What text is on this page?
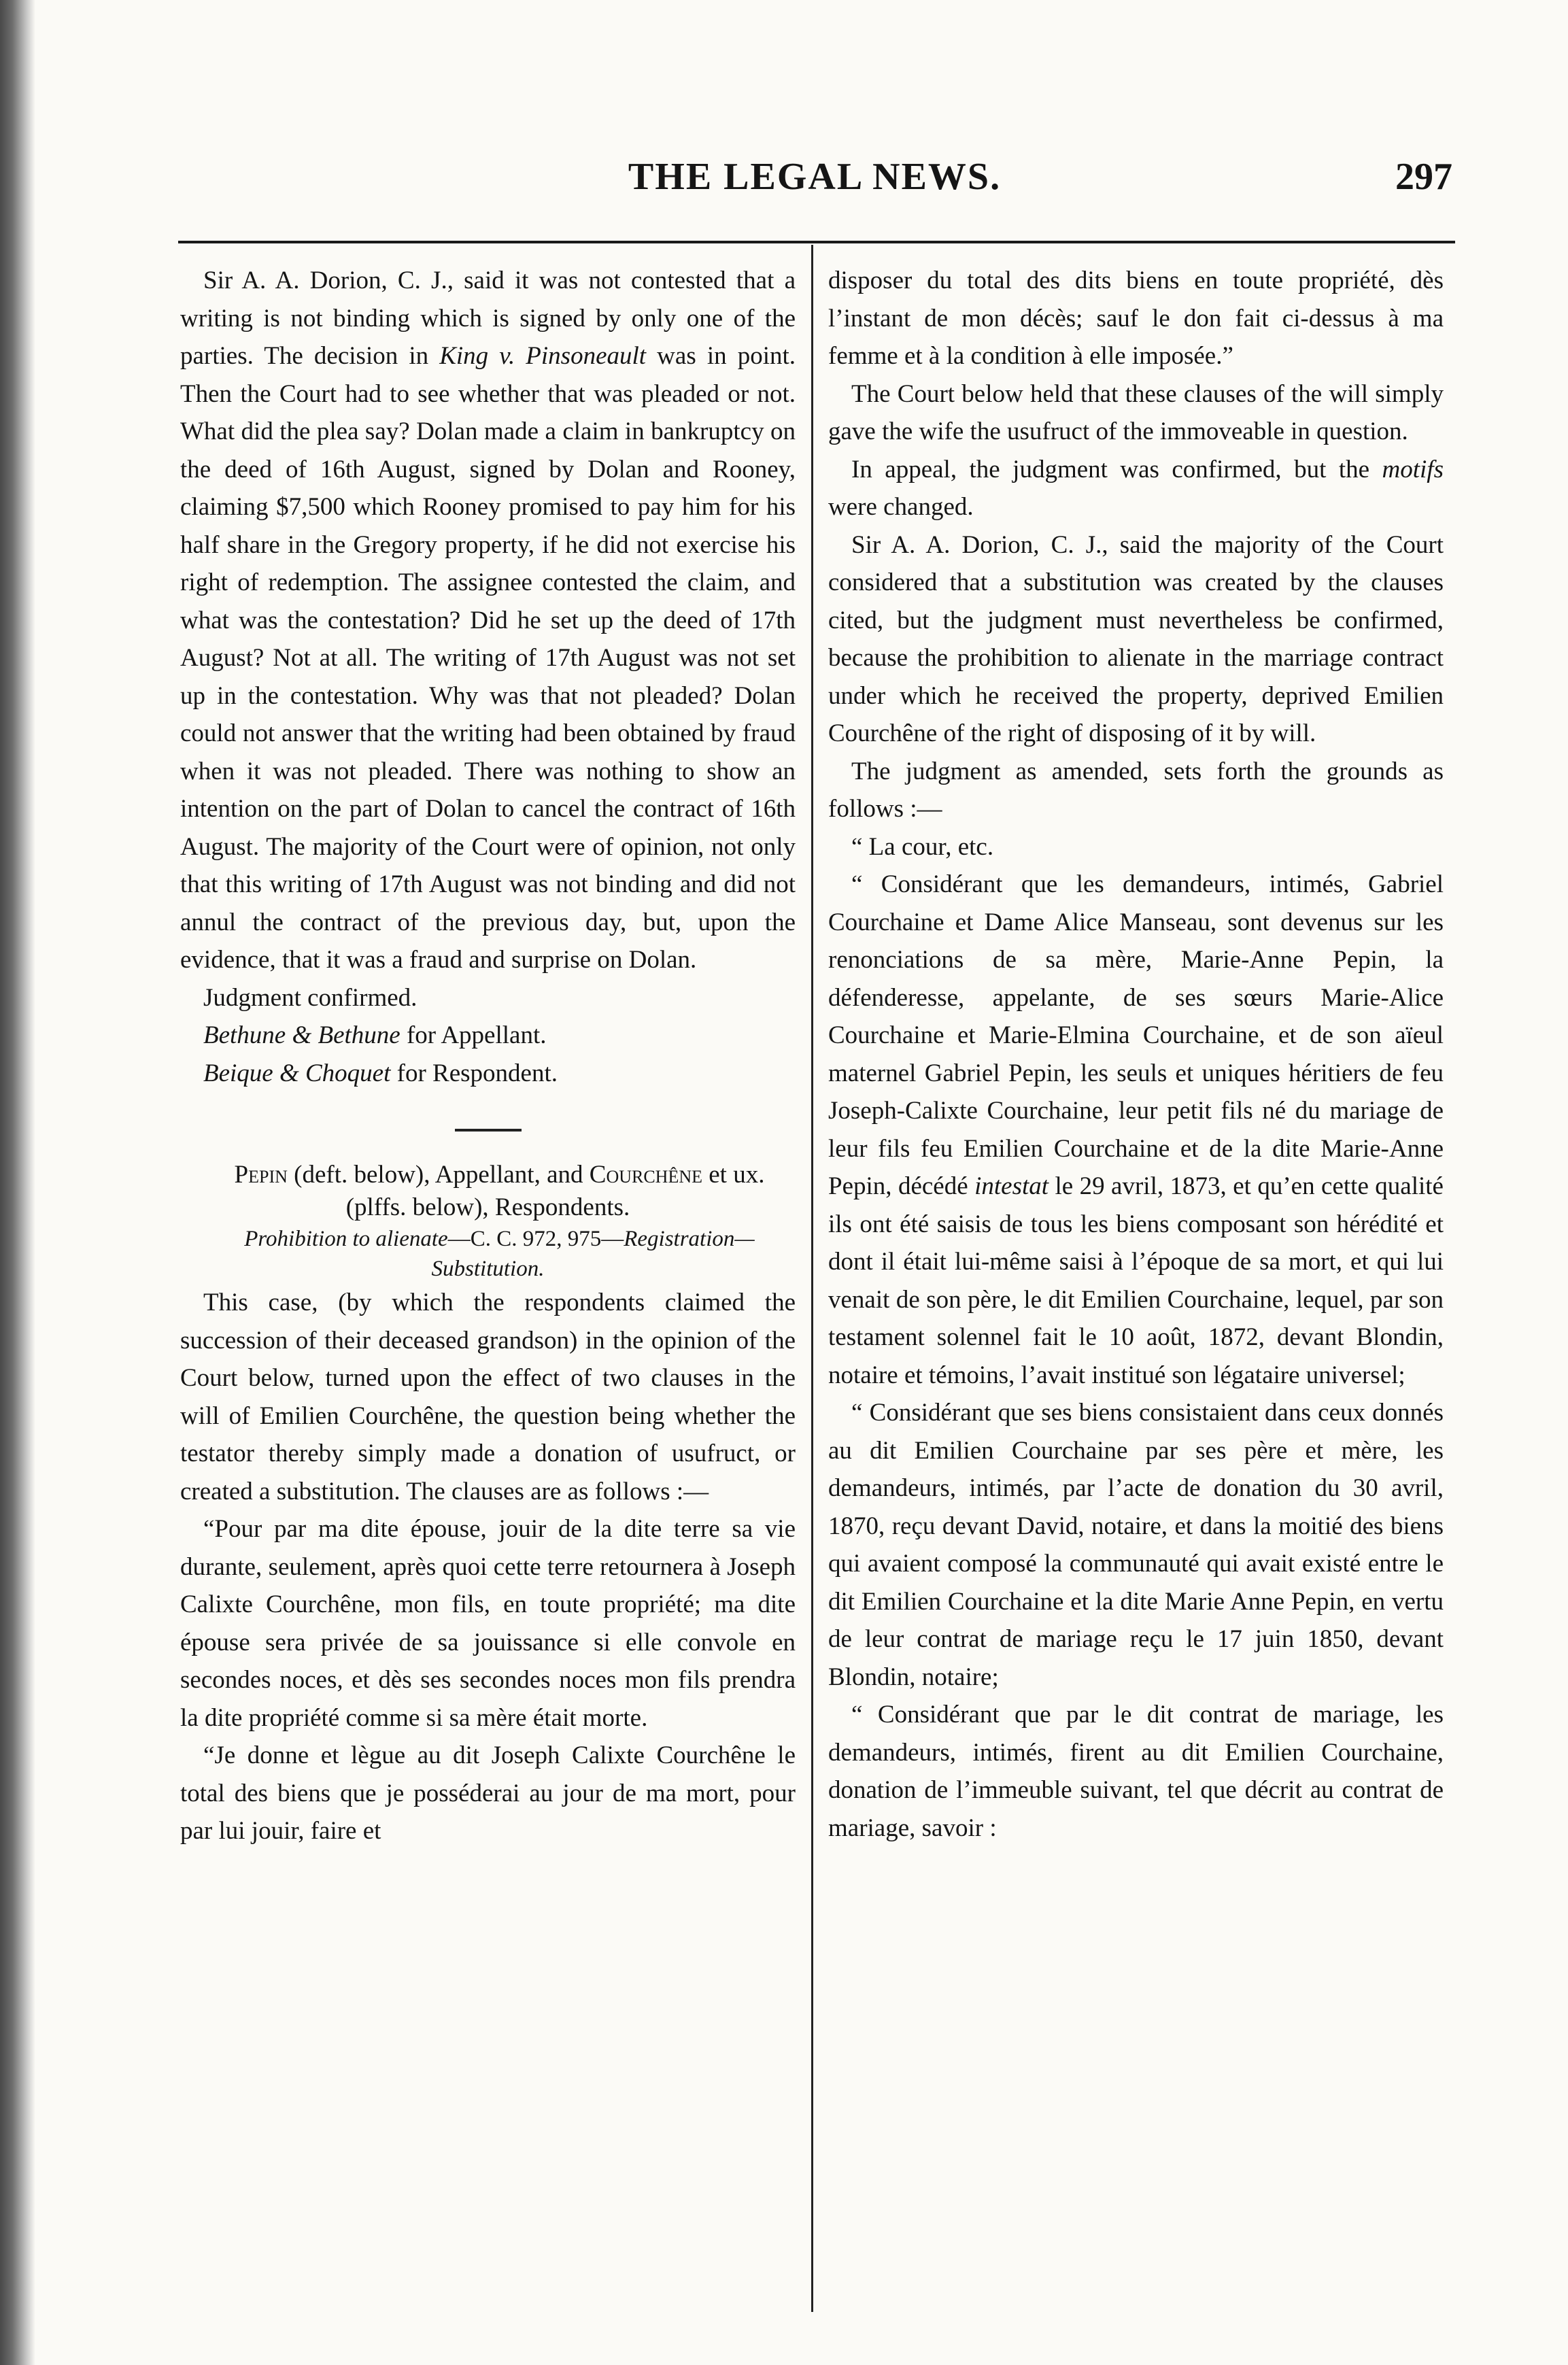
THE LEGAL NEWS.	297

Sir A. A. Dorion, C. J., said it was not contested that a writing is not binding which is signed by only one of the parties. The decision in King v. Pinsoneault was in point. Then the Court had to see whether that was pleaded or not. What did the plea say? Dolan made a claim in bankruptcy on the deed of 16th August, signed by Dolan and Rooney, claiming $7,500 which Rooney promised to pay him for his half share in the Gregory property, if he did not exercise his right of redemption. The assignee contested the claim, and what was the contestation? Did he set up the deed of 17th August? Not at all. The writing of 17th August was not set up in the contestation. Why was that not pleaded? Dolan could not answer that the writing had been obtained by fraud when it was not pleaded. There was nothing to show an intention on the part of Dolan to cancel the contract of 16th August. The majority of the Court were of opinion, not only that this writing of 17th August was not binding and did not annul the contract of the previous day, but, upon the evidence, that it was a fraud and surprise on Dolan.

Judgment confirmed.

Bethune & Bethune for Appellant.

Beique & Choquet for Respondent.

Pepin (deft. below), Appellant, and Courchêne et ux. (plffs. below), Respondents.

Prohibition to alienate—C. C. 972, 975—Registration—Substitution.

This case, (by which the respondents claimed the succession of their deceased grandson) in the opinion of the Court below, turned upon the effect of two clauses in the will of Emilien Courchêne, the question being whether the testator thereby simply made a donation of usufruct, or created a substitution. The clauses are as follows :—

“Pour par ma dite épouse, jouir de la dite terre sa vie durante, seulement, après quoi cette terre retournera à Joseph Calixte Courchêne, mon fils, en toute propriété; ma dite épouse sera privée de sa jouissance si elle convole en secondes noces, et dès ses secondes noces mon fils prendra la dite propriété comme si sa mère était morte.

“Je donne et lègue au dit Joseph Calixte Courchêne le total des biens que je posséderai au jour de ma mort, pour par lui jouir, faire et

disposer du total des dits biens en toute propriété, dès l’instant de mon décès; sauf le don fait ci-dessus à ma femme et à la condition à elle imposée.”

The Court below held that these clauses of the will simply gave the wife the usufruct of the immoveable in question.

In appeal, the judgment was confirmed, but the motifs were changed.

Sir A. A. Dorion, C. J., said the majority of the Court considered that a substitution was created by the clauses cited, but the judgment must nevertheless be confirmed, because the prohibition to alienate in the marriage contract under which he received the property, deprived Emilien Courchêne of the right of disposing of it by will.

The judgment as amended, sets forth the grounds as follows :—

“ La cour, etc.

“ Considérant que les demandeurs, intimés, Gabriel Courchaine et Dame Alice Manseau, sont devenus sur les renonciations de sa mère, Marie-Anne Pepin, la défenderesse, appelante, de ses sœurs Marie-Alice Courchaine et Marie-Elmina Courchaine, et de son aïeul maternel Gabriel Pepin, les seuls et uniques héritiers de feu Joseph-Calixte Courchaine, leur petit fils né du mariage de leur fils feu Emilien Courchaine et de la dite Marie-Anne Pepin, décédé intestat le 29 avril, 1873, et qu’en cette qualité ils ont été saisis de tous les biens composant son hérédité et dont il était lui-même saisi à l’époque de sa mort, et qui lui venait de son père, le dit Emilien Courchaine, lequel, par son testament solennel fait le 10 août, 1872, devant Blondin, notaire et témoins, l’avait institué son légataire universel;

“ Considérant que ses biens consistaient dans ceux donnés au dit Emilien Courchaine par ses père et mère, les demandeurs, intimés, par l’acte de donation du 30 avril, 1870, reçu devant David, notaire, et dans la moitié des biens qui avaient composé la communauté qui avait existé entre le dit Emilien Courchaine et la dite Marie Anne Pepin, en vertu de leur contrat de mariage reçu le 17 juin 1850, devant Blondin, notaire;

“ Considérant que par le dit contrat de mariage, les demandeurs, intimés, firent au dit Emilien Courchaine, donation de l’immeuble suivant, tel que décrit au contrat de mariage, savoir :
